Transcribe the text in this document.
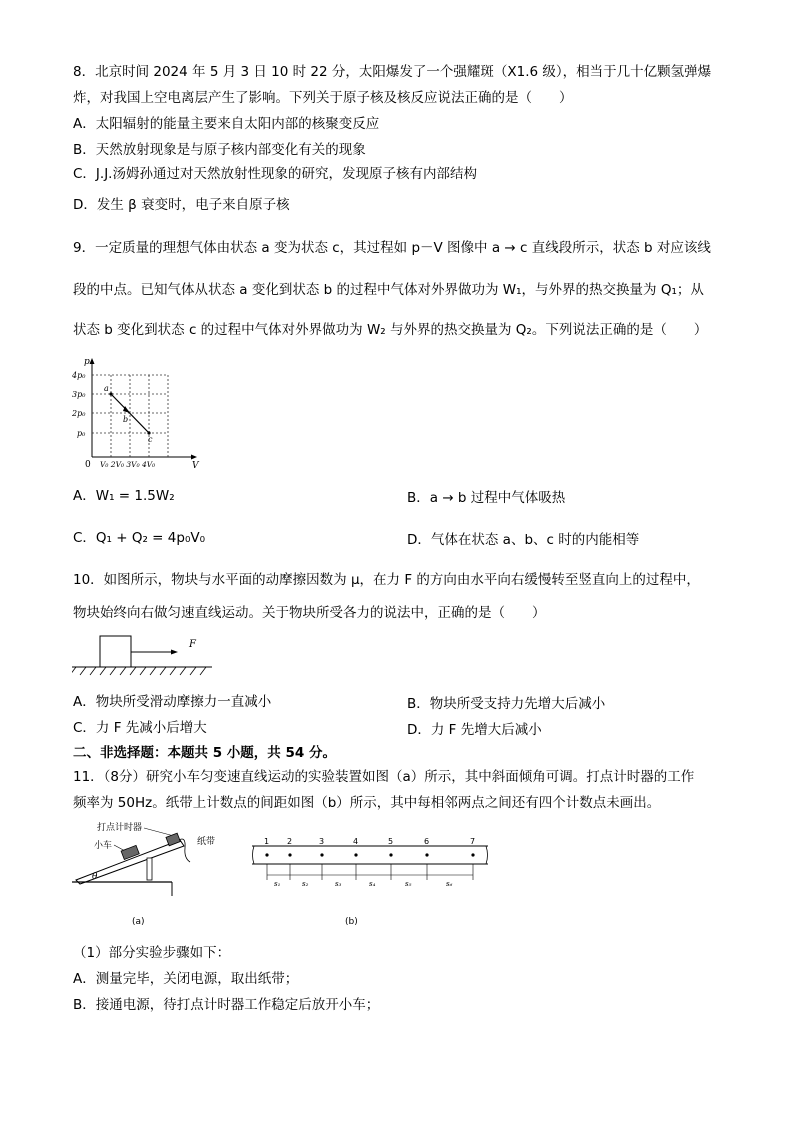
8．北京时间 2024 年 5 月 3 日 10 时 22 分，太阳爆发了一个强耀斑（X1.6 级），相当于几十亿颗氢弹爆
炸，对我国上空电离层产生了影响。下列关于原子核及核反应说法正确的是（　　）
A．太阳辐射的能量主要来自太阳内部的核聚变反应
B．天然放射现象是与原子核内部变化有关的现象
C．J.J.汤姆孙通过对天然放射性现象的研究，发现原子核有内部结构
D．发生 β 衰变时，电子来自原子核
9．一定质量的理想气体由状态 a 变为状态 c，其过程如 p－V 图像中 a → c 直线段所示，状态 b 对应该线
段的中点。已知气体从状态 a 变化到状态 b 的过程中气体对外界做功为 W₁，与外界的热交换量为 Q₁；从
状态 b 变化到状态 c 的过程中气体对外界做功为 W₂ 与外界的热交换量为 Q₂。下列说法正确的是（　　）
p
V
0
4p₀
3p₀
2p₀
p₀
V₀ 2V₀ 3V₀ 4V₀
a
b
c
A．W₁ = 1.5W₂	B．a → b 过程中气体吸热
C．Q₁ + Q₂ = 4p₀V₀	D．气体在状态 a、b、c 时的内能相等
10．如图所示，物块与水平面的动摩擦因数为 μ，在力 F 的方向由水平向右缓慢转至竖直向上的过程中，
物块始终向右做匀速直线运动。关于物块所受各力的说法中，正确的是（　　）
F
A．物块所受滑动摩擦力一直减小	B．物块所受支持力先增大后减小
C．力 F 先减小后增大	D．力 F 先增大后减小
二、非选择题：本题共 5 小题，共 54 分。
11．（8分）研究小车匀变速直线运动的实验装置如图（a）所示，其中斜面倾角可调。打点计时器的工作
频率为 50Hz。纸带上计数点的间距如图（b）所示，其中每相邻两点之间还有四个计数点未画出。
打点计时器
小车	纸带
θ
(a)
1 2	3	4	5	6	7
s₁	s₂	s₃	s₄	s₅	s₆
(b)
（1）部分实验步骤如下：
A．测量完毕，关闭电源，取出纸带；
B．接通电源，待打点计时器工作稳定后放开小车；
